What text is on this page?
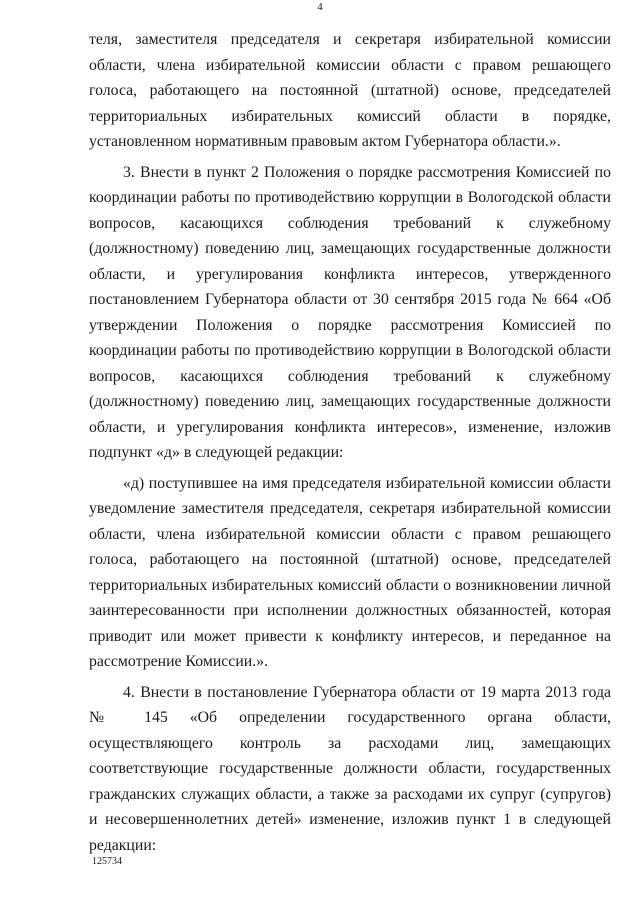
4

теля, заместителя председателя и секретаря избирательной комиссии области, члена избирательной комиссии области с правом решающего голоса, работающего на постоянной (штатной) основе, председателей территориальных избирательных комиссий области в порядке, установленном нормативным правовым актом Губернатора области.».

3. Внести в пункт 2 Положения о порядке рассмотрения Комиссией по координации работы по противодействию коррупции в Вологодской области вопросов, касающихся соблюдения требований к служебному (должностному) поведению лиц, замещающих государственные должности области, и урегулирования конфликта интересов, утвержденного постановлением Губернатора области от 30 сентября 2015 года № 664 «Об утверждении Положения о порядке рассмотрения Комиссией по координации работы по противодействию коррупции в Вологодской области вопросов, касающихся соблюдения требований к служебному (должностному) поведению лиц, замещающих государственные должности области, и урегулирования конфликта интересов», изменение, изложив подпункт «д» в следующей редакции:

«д) поступившее на имя председателя избирательной комиссии области уведомление заместителя председателя, секретаря избирательной комиссии области, члена избирательной комиссии области с правом решающего голоса, работающего на постоянной (штатной) основе, председателей территориальных избирательных комиссий области о возникновении личной заинтересованности при исполнении должностных обязанностей, которая приводит или может привести к конфликту интересов, и переданное на рассмотрение Комиссии.».

4. Внести в постановление Губернатора области от 19 марта 2013 года № 145 «Об определении государственного органа области, осуществляющего контроль за расходами лиц, замещающих соответствующие государственные должности области, государственных гражданских служащих области, а также за расходами их супруг (супругов) и несовершеннолетних детей» изменение, изложив пункт 1 в следующей редакции:

125734
